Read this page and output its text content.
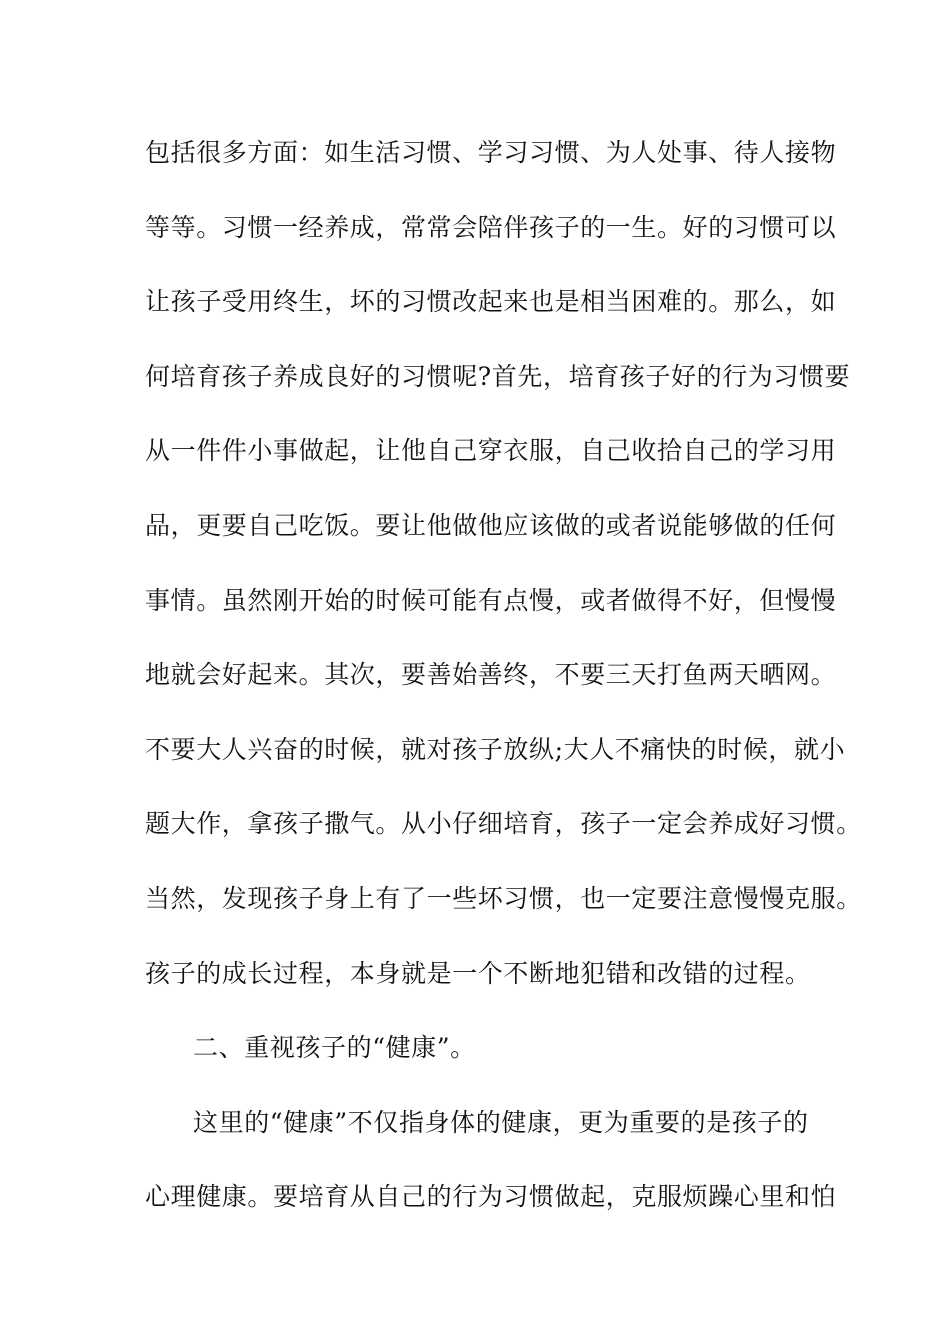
包括很多方面：如生活习惯、学习习惯、为人处事、待人接物
等等。习惯一经养成，常常会陪伴孩子的一生。好的习惯可以
让孩子受用终生，坏的习惯改起来也是相当困难的。那么，如
何培育孩子养成良好的习惯呢?首先，培育孩子好的行为习惯要
从一件件小事做起，让他自己穿衣服，自己收拾自己的学习用
品，更要自己吃饭。要让他做他应该做的或者说能够做的任何
事情。虽然刚开始的时候可能有点慢，或者做得不好，但慢慢
地就会好起来。其次，要善始善终，不要三天打鱼两天晒网。
不要大人兴奋的时候，就对孩子放纵;大人不痛快的时候，就小
题大作，拿孩子撒气。从小仔细培育，孩子一定会养成好习惯。
当然，发现孩子身上有了一些坏习惯，也一定要注意慢慢克服。
孩子的成长过程，本身就是一个不断地犯错和改错的过程。
二、重视孩子的“健康”。
这里的“健康”不仅指身体的健康，更为重要的是孩子的
心理健康。要培育从自己的行为习惯做起，克服烦躁心里和怕
